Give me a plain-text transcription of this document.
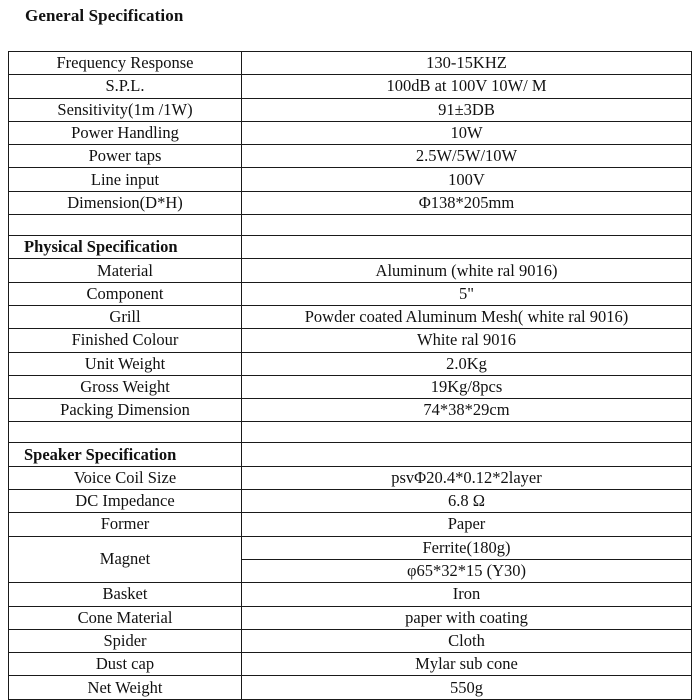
General Specification
Frequency Response	130-15KHZ
S.P.L.	100dB at 100V 10W/ M
Sensitivity(1m /1W)	91±3DB
Power Handling	10W
Power taps	2.5W/5W/10W
Line input	100V
Dimension(D*H)	Φ138*205mm

Physical Specification	
Material	Aluminum (white ral 9016)
Component	5"
Grill	Powder coated Aluminum Mesh( white ral 9016)
Finished Colour	White ral 9016
Unit Weight	2.0Kg
Gross Weight	19Kg/8pcs
Packing Dimension	74*38*29cm

Speaker Specification	
Voice Coil Size	psvΦ20.4*0.12*2layer
DC Impedance	6.8 Ω
Former	Paper
Magnet	Ferrite(180g)
	φ65*32*15 (Y30)
Basket	Iron
Cone Material	paper with coating
Spider	Cloth
Dust cap	Mylar sub cone
Net Weight	550g
